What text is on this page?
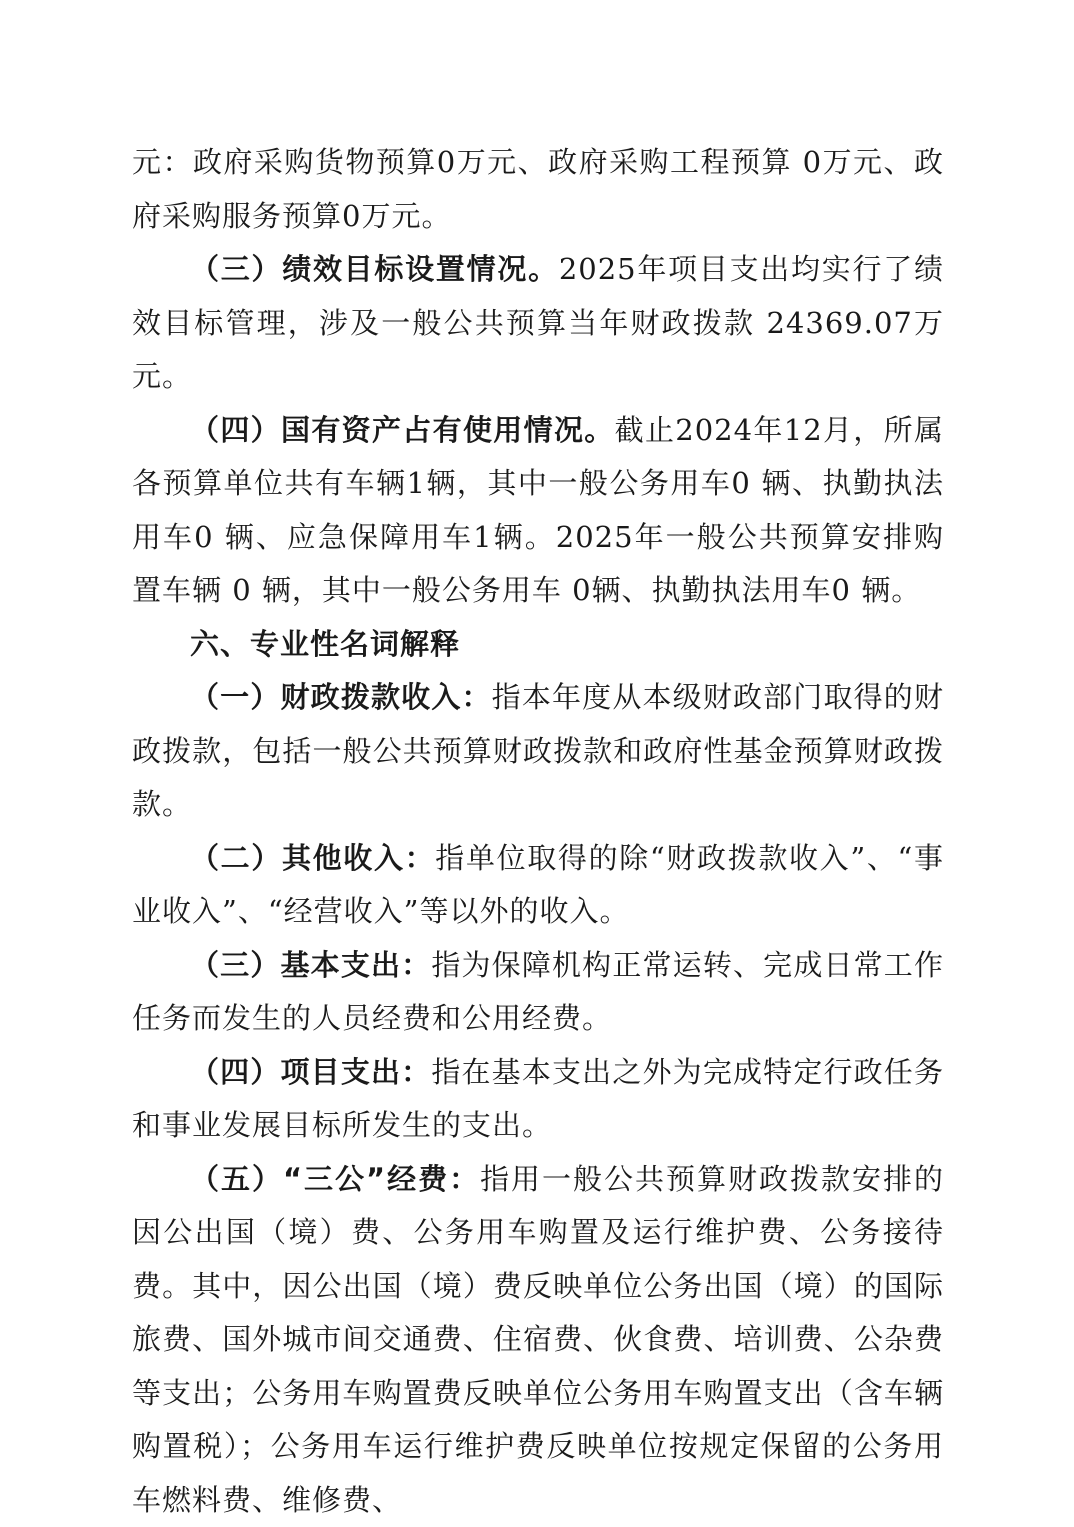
元：政府采购货物预算0万元、政府采购工程预算 0万元、政府采购服务预算0万元。

（三）绩效目标设置情况。2025年项目支出均实行了绩效目标管理，涉及一般公共预算当年财政拨款 24369.07万元。

（四）国有资产占有使用情况。截止2024年12月，所属各预算单位共有车辆1辆，其中一般公务用车0 辆、执勤执法用车0 辆、应急保障用车1辆。2025年一般公共预算安排购置车辆 0 辆，其中一般公务用车 0辆、执勤执法用车0 辆。

六、专业性名词解释

（一）财政拨款收入：指本年度从本级财政部门取得的财政拨款，包括一般公共预算财政拨款和政府性基金预算财政拨款。

（二）其他收入：指单位取得的除“财政拨款收入”、“事业收入”、“经营收入”等以外的收入。

（三）基本支出：指为保障机构正常运转、完成日常工作任务而发生的人员经费和公用经费。

（四）项目支出：指在基本支出之外为完成特定行政任务和事业发展目标所发生的支出。

（五）“三公”经费：指用一般公共预算财政拨款安排的因公出国（境）费、公务用车购置及运行维护费、公务接待费。其中，因公出国（境）费反映单位公务出国（境）的国际旅费、国外城市间交通费、住宿费、伙食费、培训费、公杂费等支出；公务用车购置费反映单位公务用车购置支出（含车辆购置税）；公务用车运行维护费反映单位按规定保留的公务用车燃料费、维修费、
